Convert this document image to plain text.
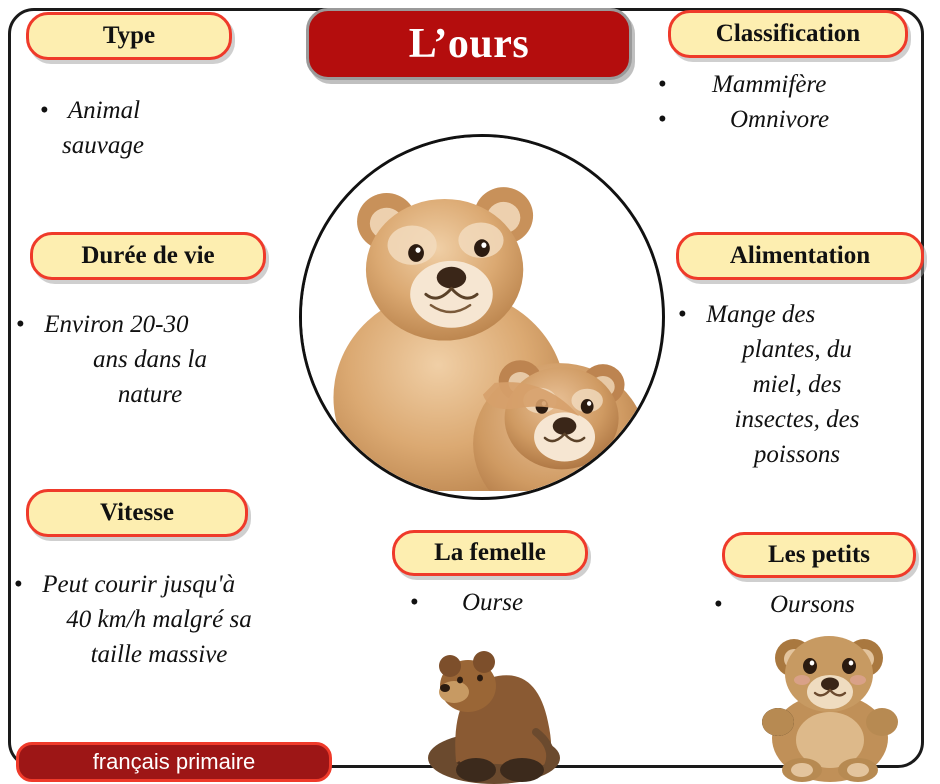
L’ours
Type
• Animal
sauvage
Durée de vie
• Environ 20-30
ans dans la
nature
Vitesse
• Peut courir jusqu'à
40 km/h malgré sa
taille massive
Classification
•	Mammifère
•	Omnivore
Alimentation
• Mange des
plantes, du
miel, des
insectes, des
poissons
La femelle
•	Ourse
Les petits
•	Oursons
français primaire
